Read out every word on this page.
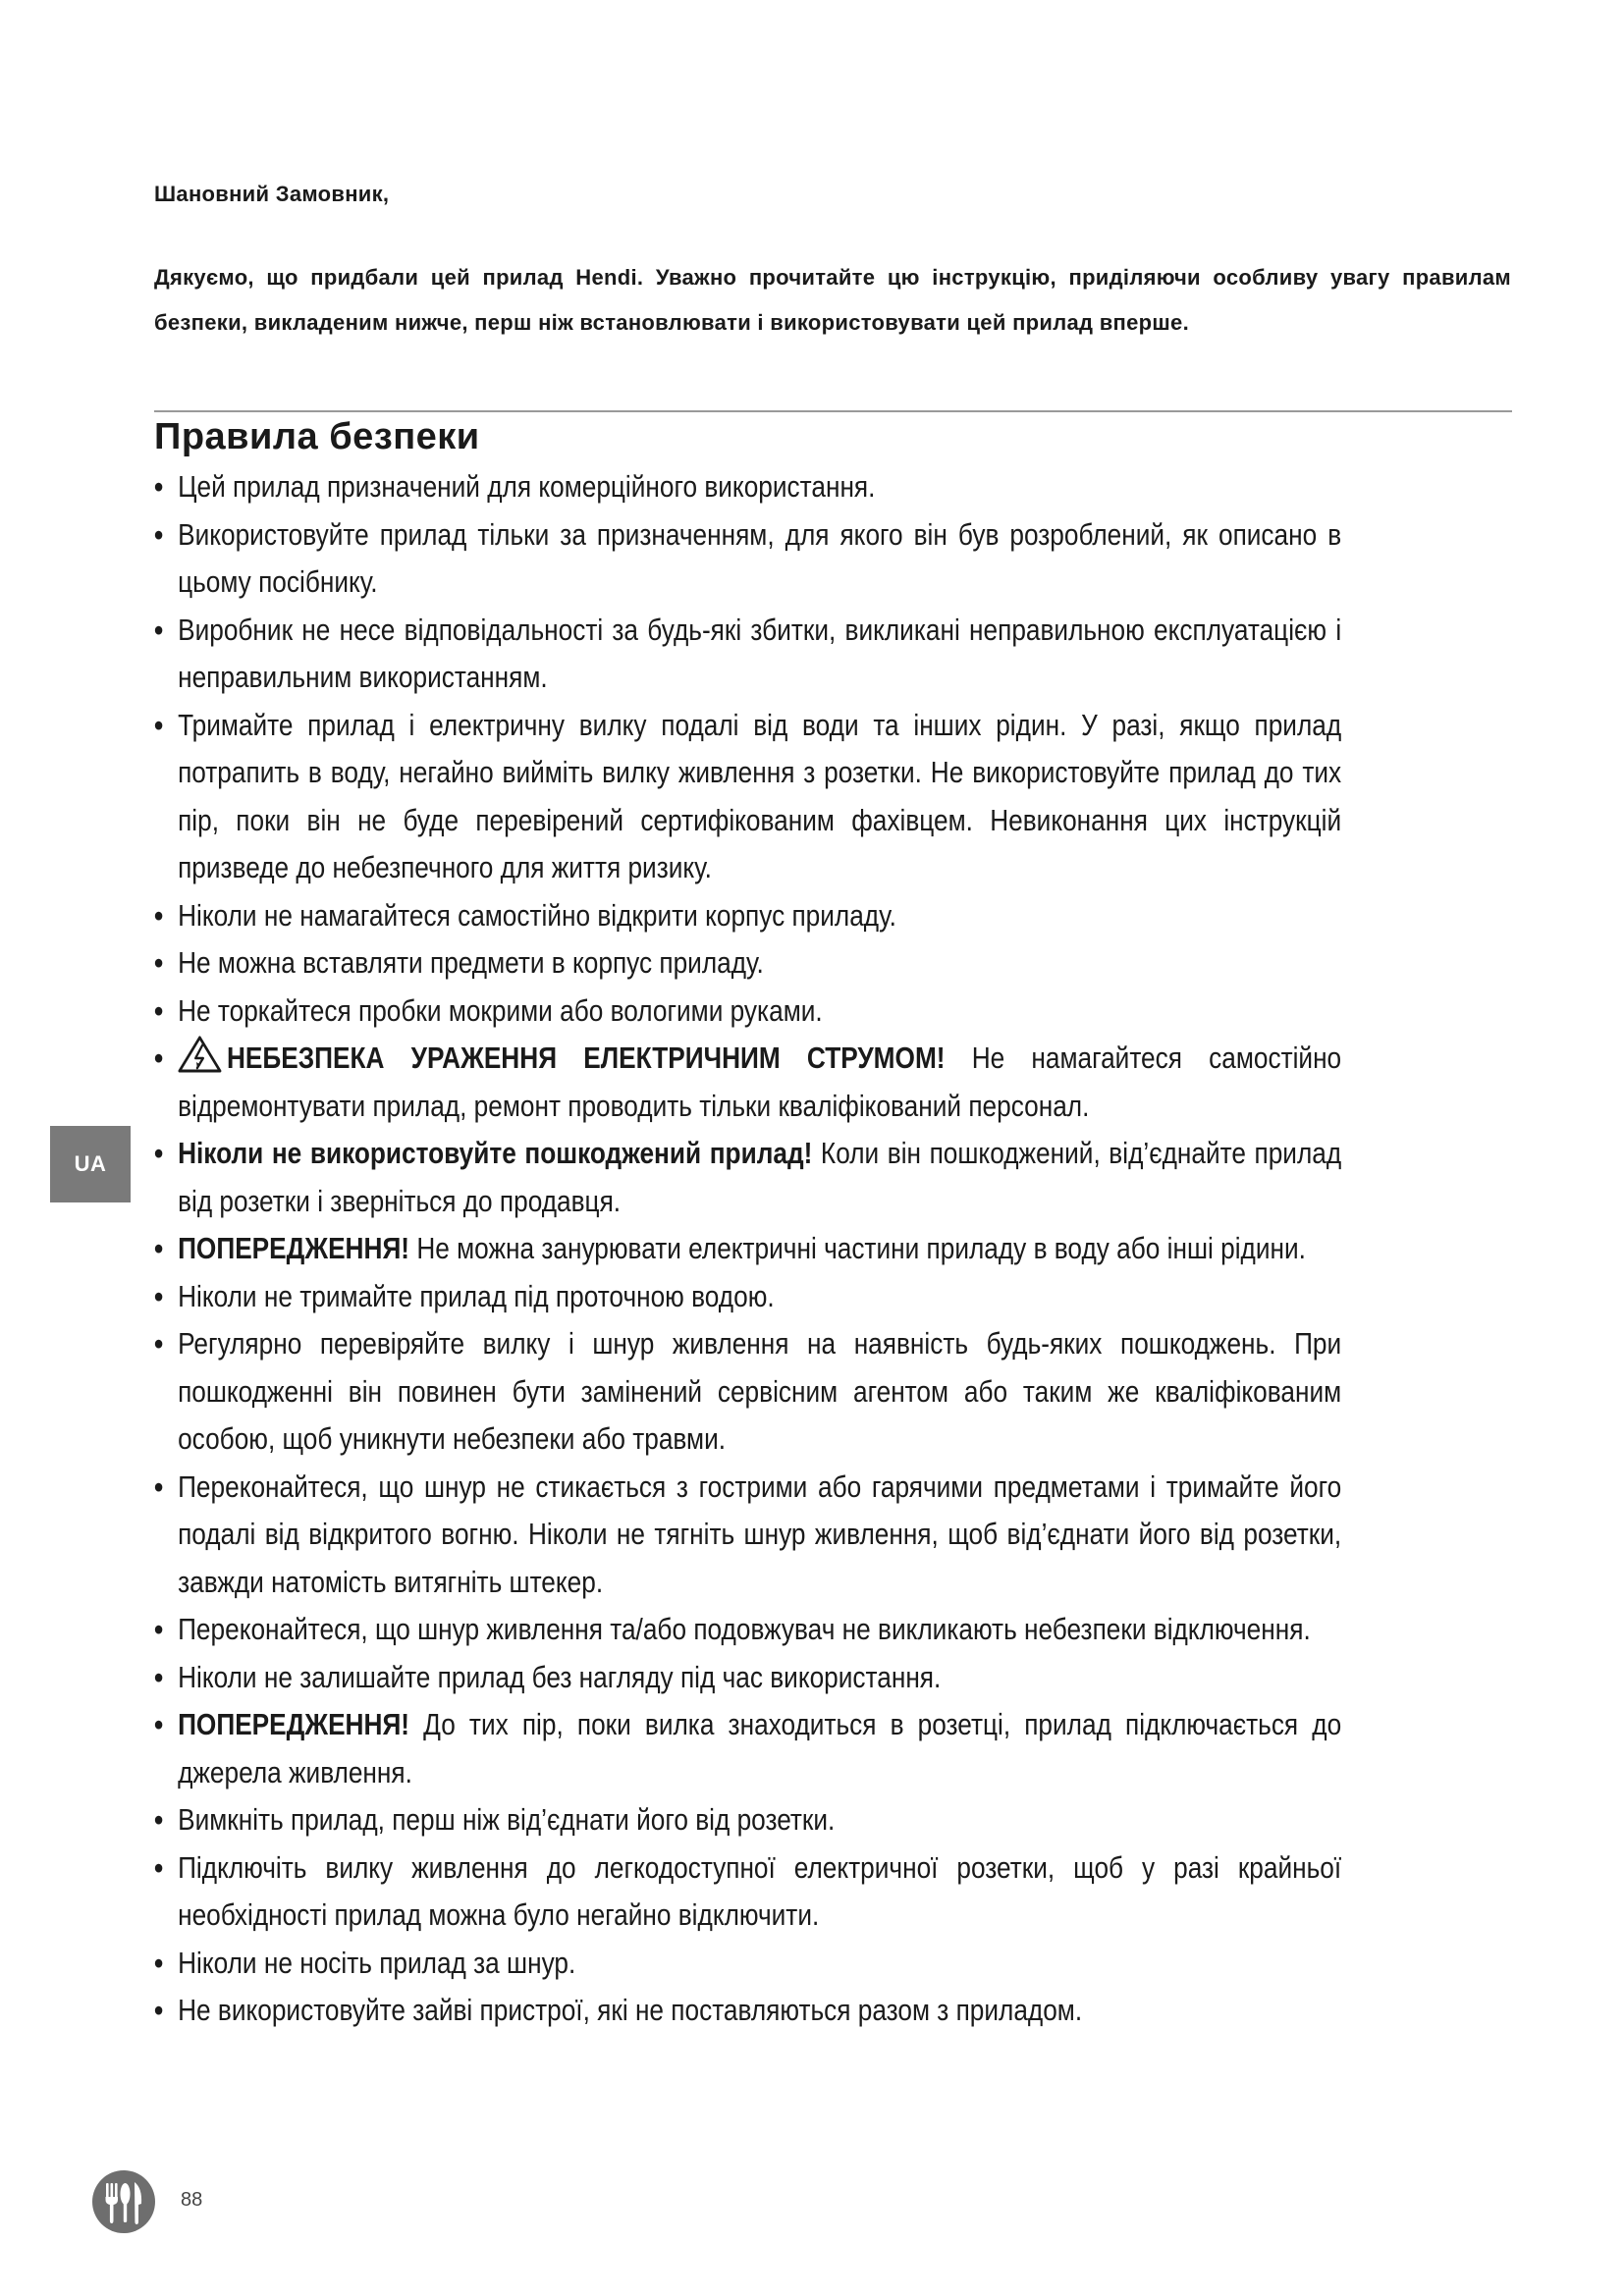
Шановний Замовник,
Дякуємо, що придбали цей прилад Hendi. Уважно прочитайте цю інструкцію, приділяючи особливу увагу правилам безпеки, викладеним нижче, перш ніж встановлювати і використовувати цей прилад вперше.
Правила безпеки
• Цей прилад призначений для комерційного використання.
• Використовуйте прилад тільки за призначенням, для якого він був розроблений, як описано в цьому посібнику.
• Виробник не несе відповідальності за будь-які збитки, викликані неправильною експлуатацією і неправильним використанням.
• Тримайте прилад і електричну вилку подалі від води та інших рідин. У разі, якщо прилад потрапить в воду, негайно вийміть вилку живлення з розетки. Не використовуйте прилад до тих пір, поки він не буде перевірений сертифікованим фахівцем. Невиконання цих інструкцій призведе до небезпечного для життя ризику.
• Ніколи не намагайтеся самостійно відкрити корпус приладу.
• Не можна вставляти предмети в корпус приладу.
• Не торкайтеся пробки мокрими або вологими руками.
• НЕБЕЗПЕКА УРАЖЕННЯ ЕЛЕКТРИЧНИМ СТРУМОМ! Не намагайтеся самостійно відремонтувати прилад, ремонт проводить тільки кваліфікований персонал.
• Ніколи не використовуйте пошкоджений прилад! Коли він пошкоджений, від’єднайте прилад від розетки і зверніться до продавця.
• ПОПЕРЕДЖЕННЯ! Не можна занурювати електричні частини приладу в воду або інші рідини.
• Ніколи не тримайте прилад під проточною водою.
• Регулярно перевіряйте вилку і шнур живлення на наявність будь-яких пошкоджень. При пошкодженні він повинен бути замінений сервісним агентом або таким же кваліфікованим особою, щоб уникнути небезпеки або травми.
• Переконайтеся, що шнур не стикається з гострими або гарячими предметами і тримайте його подалі від відкритого вогню. Ніколи не тягніть шнур живлення, щоб від’єднати його від розетки, завжди натомість витягніть штекер.
• Переконайтеся, що шнур живлення та/або подовжувач не викликають небезпеки відключення.
• Ніколи не залишайте прилад без нагляду під час використання.
• ПОПЕРЕДЖЕННЯ! До тих пір, поки вилка знаходиться в розетці, прилад підключається до джерела живлення.
• Вимкніть прилад, перш ніж від’єднати його від розетки.
• Підключіть вилку живлення до легкодоступної електричної розетки, щоб у разі крайньої необхідності прилад можна було негайно відключити.
• Ніколи не носіть прилад за шнур.
• Не використовуйте зайві пристрої, які не поставляються разом з приладом.
UA
88
